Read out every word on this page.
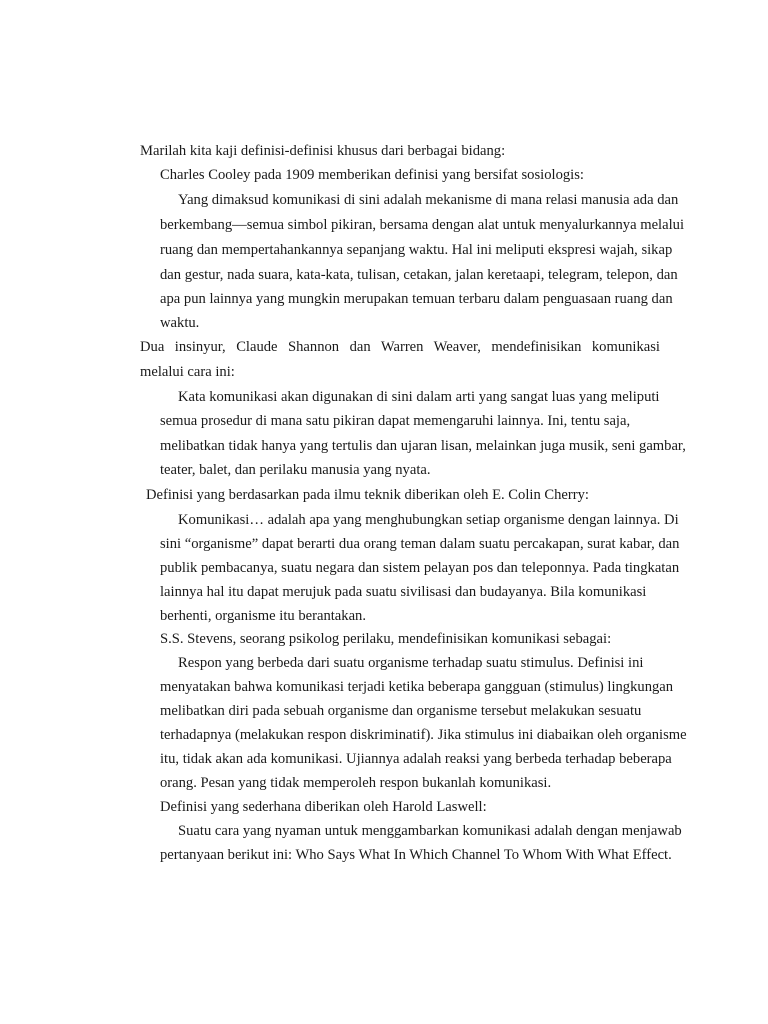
Marilah kita kaji definisi-definisi khusus dari berbagai bidang:

Charles Cooley pada 1909 memberikan definisi yang bersifat sosiologis:

Yang dimaksud komunikasi di sini adalah mekanisme di mana relasi manusia ada dan

berkembang—semua simbol pikiran, bersama dengan alat untuk menyalurkannya melalui

ruang dan mempertahankannya sepanjang waktu. Hal ini meliputi ekspresi wajah, sikap

dan gestur, nada suara, kata-kata, tulisan, cetakan, jalan keretaapi, telegram, telepon, dan

apa pun lainnya yang mungkin merupakan temuan terbaru dalam penguasaan ruang dan

waktu.

Dua insinyur, Claude Shannon dan Warren Weaver, mendefinisikan komunikasi

melalui cara ini:

Kata komunikasi akan digunakan di sini dalam arti yang sangat luas yang meliputi

semua prosedur di mana satu pikiran dapat memengaruhi lainnya. Ini, tentu saja,

melibatkan tidak hanya yang tertulis dan ujaran lisan, melainkan juga musik, seni gambar,

teater, balet, dan perilaku manusia yang nyata.

Definisi yang berdasarkan pada ilmu teknik diberikan oleh E. Colin Cherry:

Komunikasi… adalah apa yang menghubungkan setiap organisme dengan lainnya. Di

sini “organisme” dapat berarti dua orang teman dalam suatu percakapan, surat kabar, dan

publik pembacanya, suatu negara dan sistem pelayan pos dan teleponnya. Pada tingkatan

lainnya hal itu dapat merujuk pada suatu sivilisasi dan budayanya. Bila komunikasi

berhenti, organisme itu berantakan.

S.S. Stevens, seorang psikolog perilaku, mendefinisikan komunikasi sebagai:

Respon yang berbeda dari suatu organisme terhadap suatu stimulus. Definisi ini

menyatakan bahwa komunikasi terjadi ketika beberapa gangguan (stimulus) lingkungan

melibatkan diri pada sebuah organisme dan organisme tersebut melakukan sesuatu

terhadapnya (melakukan respon diskriminatif). Jika stimulus ini diabaikan oleh organisme

itu, tidak akan ada komunikasi. Ujiannya adalah reaksi yang berbeda terhadap beberapa

orang. Pesan yang tidak memperoleh respon bukanlah komunikasi.

Definisi yang sederhana diberikan oleh Harold Laswell:

Suatu cara yang nyaman untuk menggambarkan komunikasi adalah dengan menjawab

pertanyaan berikut ini: Who Says What In Which Channel To Whom With What Effect.
